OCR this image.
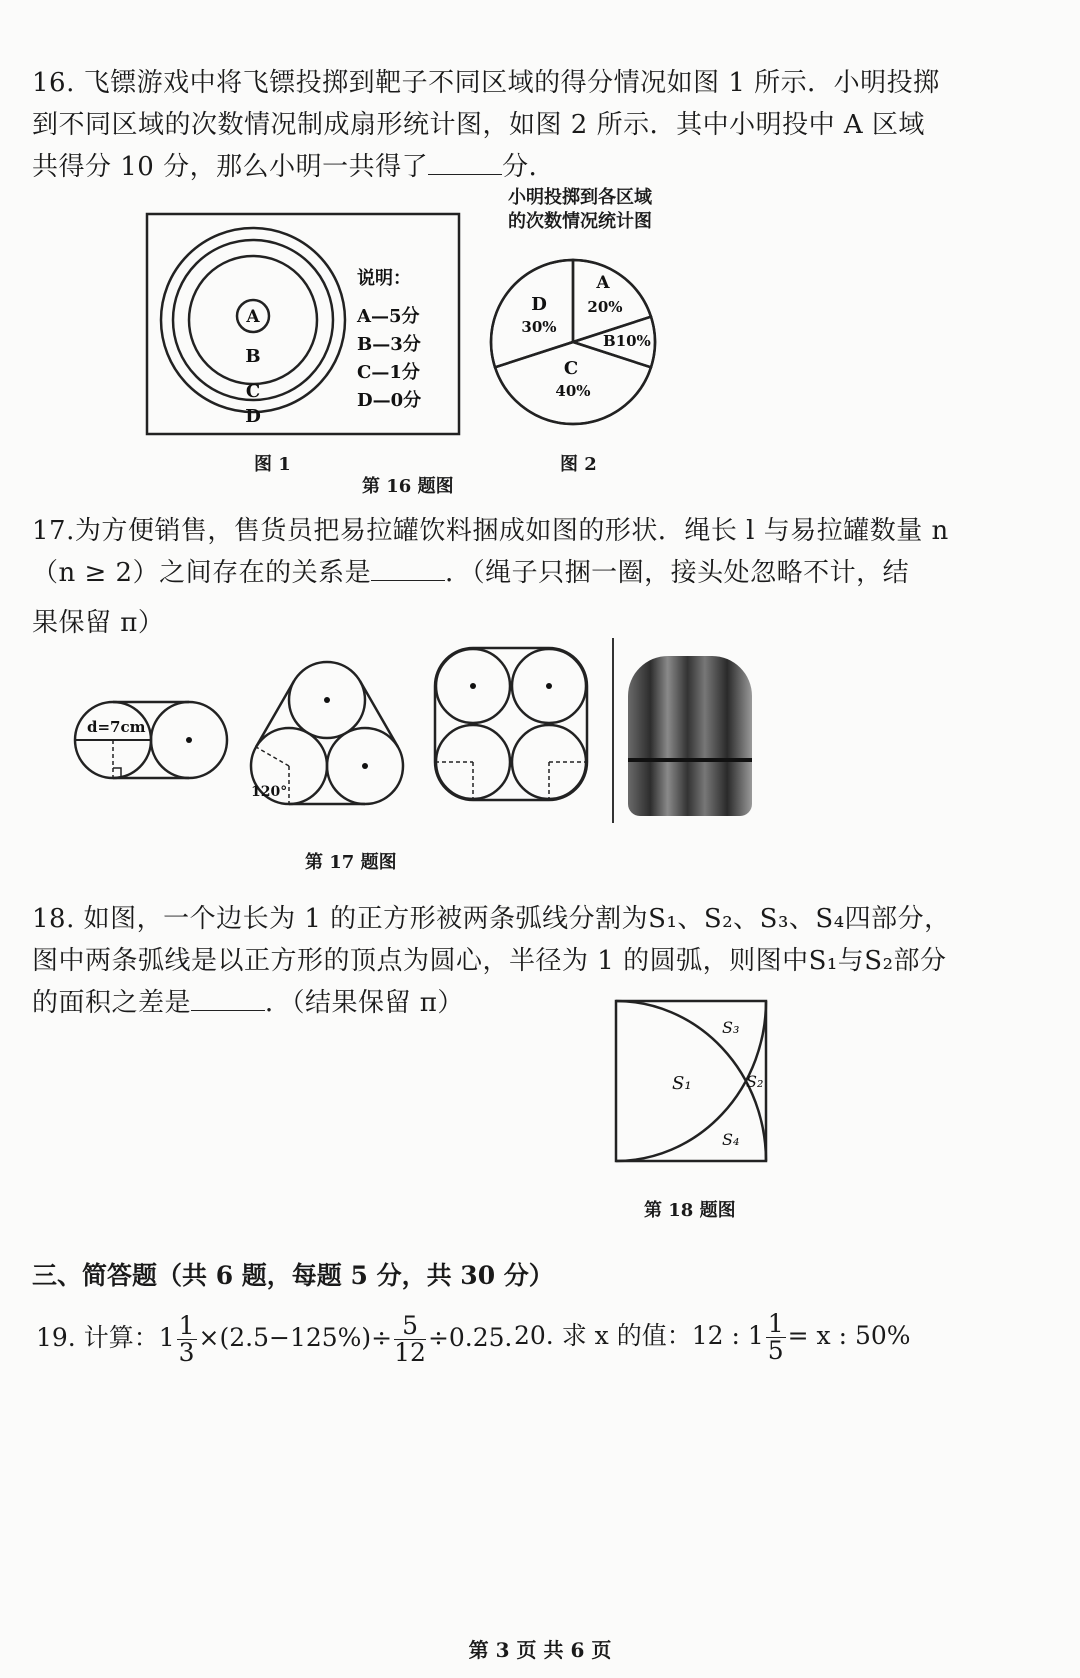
16. 飞镖游戏中将飞镖投掷到靶子不同区域的得分情况如图 1 所示．小明投掷
到不同区域的次数情况制成扇形统计图，如图 2 所示．其中小明投中 A 区域
共得分 10 分，那么小明一共得了	分．
A
B
C
D
说明：
A—5分
B—3分
C—1分
D—0分
图 1
小明投掷到各区域
的次数情况统计图
D
30%
A
20%
B10%
C
40%
图 2
第 16 题图
17.为方便销售，售货员把易拉罐饮料捆成如图的形状．绳长 l 与易拉罐数量 n
（n ≥ 2）之间存在的关系是	．（绳子只捆一圈，接头处忽略不计，结
果保留 π）
d=7cm
120°
第 17 题图
18. 如图，一个边长为 1 的正方形被两条弧线分割为S₁、S₂、S₃、S₄四部分，
图中两条弧线是以正方形的顶点为圆心，半径为 1 的圆弧，则图中S₁与S₂部分
的面积之差是	．（结果保留 π）
S₁	S₂
S₃
S₄
第 18 题图
三、简答题（共 6 题，每题 5 分，共 30 分）
19. 计算：$1 \frac{1}{3} \times(2.5-125\%)\div \frac{5}{12} \div 0.25$．
20. 求 x 的值：12 : $1 \frac{1}{5} = x$ : 50%
第 3 页 共 6 页
